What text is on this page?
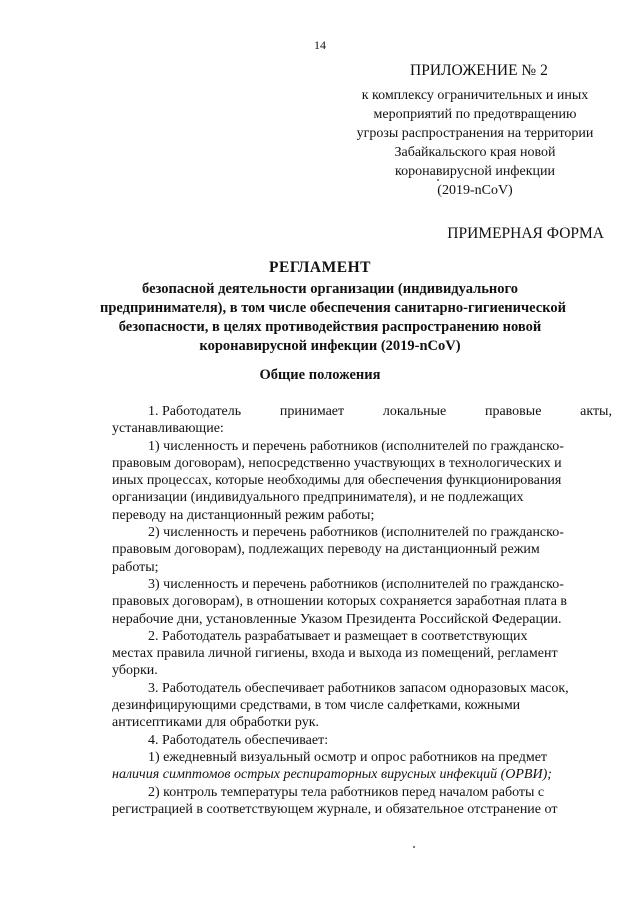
14
ПРИЛОЖЕНИЕ № 2
к комплексу ограничительных и иных
мероприятий по предотвращению
угрозы распространения на территории
Забайкальского края новой
коронавирусной инфекции
(2019-nCoV)
ПРИМЕРНАЯ ФОРМА
РЕГЛАМЕНТ
безопасной деятельности организации (индивидуального
предпринимателя), в том числе обеспечения санитарно-гигиенической
безопасности, в целях противодействия распространению новой
коронавирусной инфекции (2019-nCoV)
Общие положения
1. Работодатель	принимает	локальные	правовые	акты,
устанавливающие:
1) численность и перечень работников (исполнителей по гражданско-
правовым договорам), непосредственно участвующих в технологических и
иных процессах, которые необходимы для обеспечения функционирования
организации (индивидуального предпринимателя), и не подлежащих
переводу на дистанционный режим работы;
2) численность и перечень работников (исполнителей по гражданско-
правовым договорам), подлежащих переводу на дистанционный режим
работы;
3) численность и перечень работников (исполнителей по гражданско-
правовых договорам), в отношении которых сохраняется заработная плата в
нерабочие дни, установленные Указом Президента Российской Федерации.
2. Работодатель разрабатывает и размещает в соответствующих
местах правила личной гигиены, входа и выхода из помещений, регламент
уборки.
3. Работодатель обеспечивает работников запасом одноразовых масок,
дезинфицирующими средствами, в том числе салфетками, кожными
антисептиками для обработки рук.
4. Работодатель обеспечивает:
1) ежедневный визуальный осмотр и опрос работников на предмет
наличия симптомов острых респираторных вирусных инфекций (ОРВИ);
2) контроль температуры тела работников перед началом работы с
регистрацией в соответствующем журнале, и обязательное отстранение от
